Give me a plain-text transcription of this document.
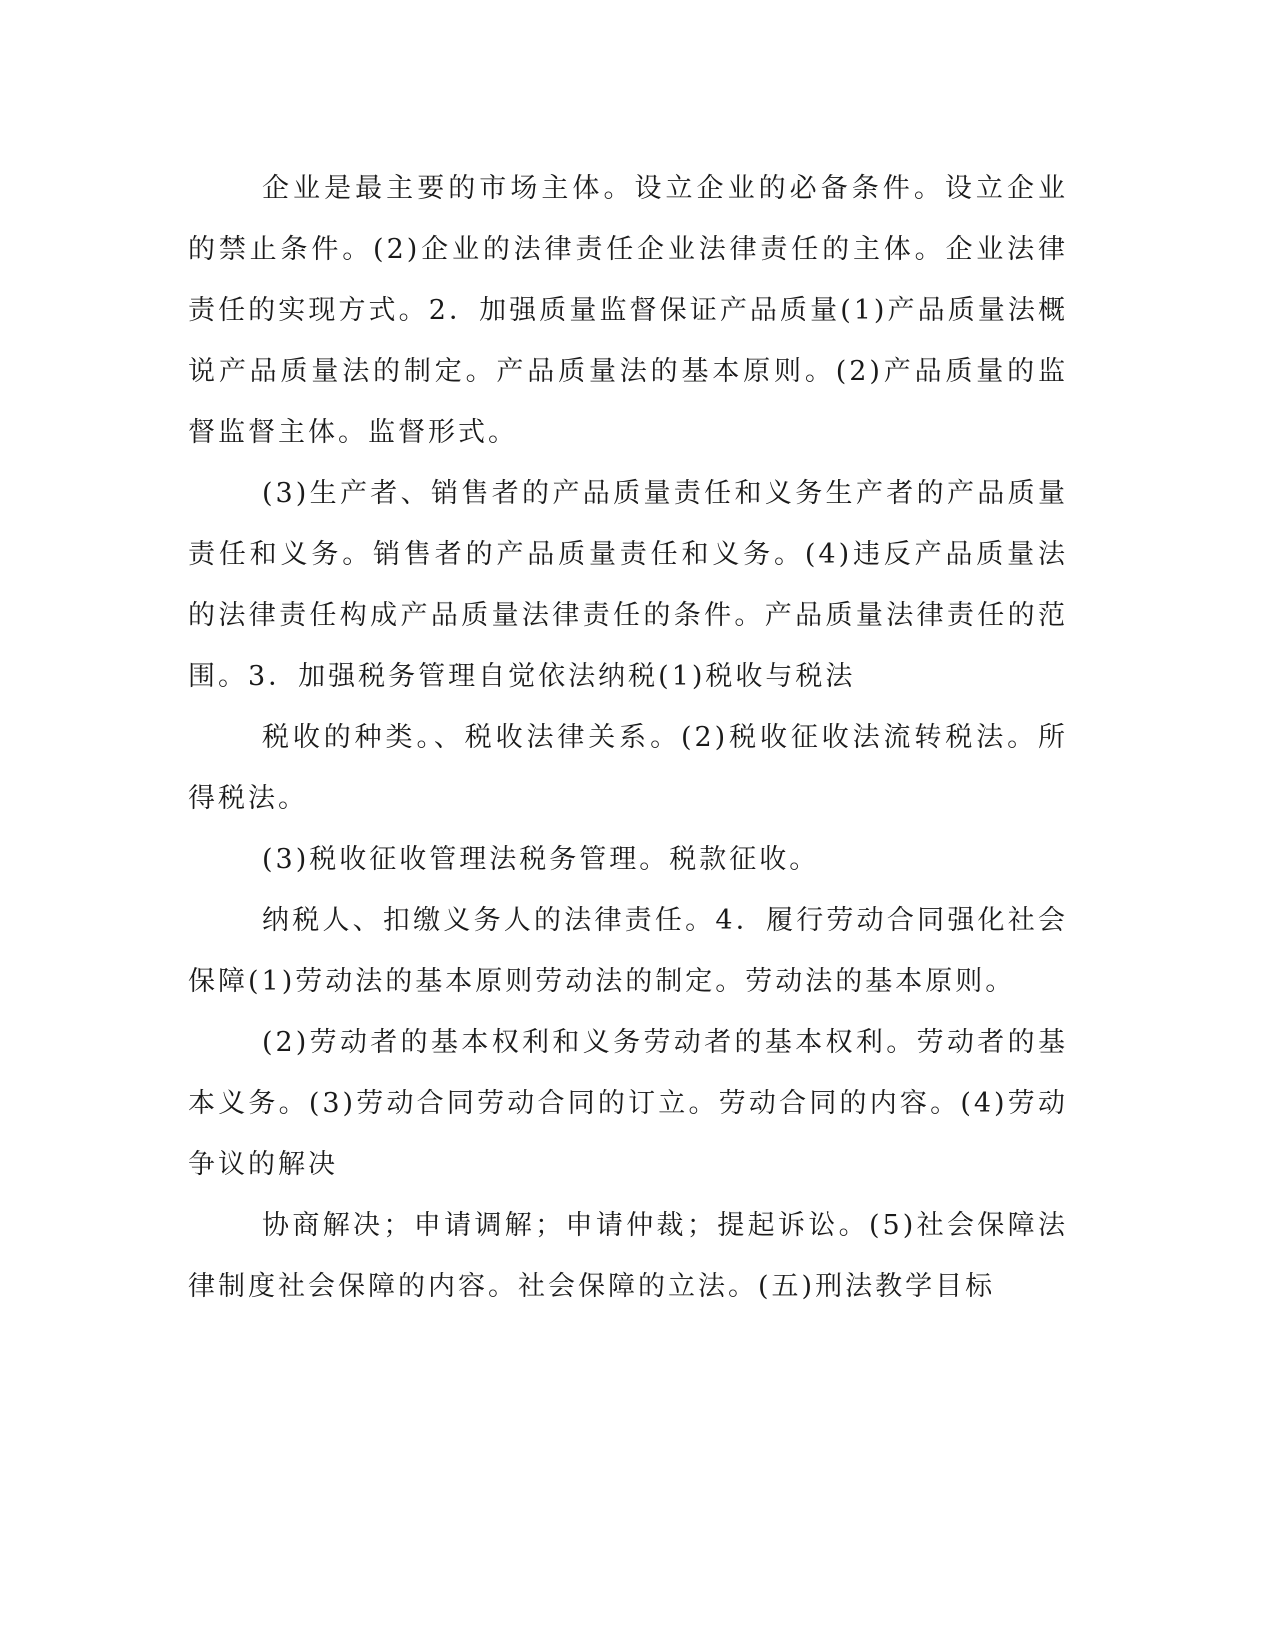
企业是最主要的市场主体。设立企业的必备条件。设立企业的禁止条件。(2)企业的法律责任企业法律责任的主体。企业法律责任的实现方式。2．加强质量监督保证产品质量(1)产品质量法概说产品质量法的制定。产品质量法的基本原则。(2)产品质量的监督监督主体。监督形式。

(3)生产者、销售者的产品质量责任和义务生产者的产品质量责任和义务。销售者的产品质量责任和义务。(4)违反产品质量法的法律责任构成产品质量法律责任的条件。产品质量法律责任的范围。3．加强税务管理自觉依法纳税(1)税收与税法

税收的种类。、税收法律关系。(2)税收征收法流转税法。所得税法。

(3)税收征收管理法税务管理。税款征收。

纳税人、扣缴义务人的法律责任。4．履行劳动合同强化社会保障(1)劳动法的基本原则劳动法的制定。劳动法的基本原则。

(2)劳动者的基本权利和义务劳动者的基本权利。劳动者的基本义务。(3)劳动合同劳动合同的订立。劳动合同的内容。(4)劳动争议的解决

协商解决；申请调解；申请仲裁；提起诉讼。(5)社会保障法律制度社会保障的内容。社会保障的立法。(五)刑法教学目标
